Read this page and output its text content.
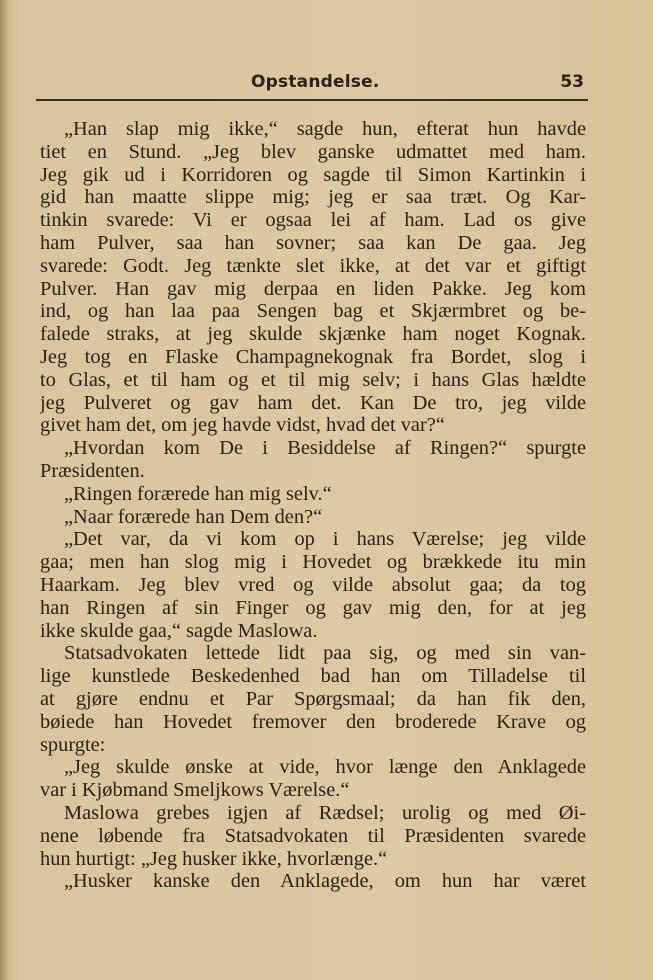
Opstandelse.	53
„Han slap mig ikke,“ sagde hun, efterat hun havde
tiet en Stund. „Jeg blev ganske udmattet med ham.
Jeg gik ud i Korridoren og sagde til Simon Kartinkin i
gid han maatte slippe mig; jeg er saa træt. Og Kar-
tinkin svarede: Vi er ogsaa lei af ham. Lad os give
ham Pulver, saa han sovner; saa kan De gaa. Jeg
svarede: Godt. Jeg tænkte slet ikke, at det var et giftigt
Pulver. Han gav mig derpaa en liden Pakke. Jeg kom
ind, og han laa paa Sengen bag et Skjærmbret og be-
falede straks, at jeg skulde skjænke ham noget Kognak.
Jeg tog en Flaske Champagnekognak fra Bordet, slog i
to Glas, et til ham og et til mig selv; i hans Glas hældte
jeg Pulveret og gav ham det. Kan De tro, jeg vilde
givet ham det, om jeg havde vidst, hvad det var?“
„Hvordan kom De i Besiddelse af Ringen?“ spurgte
Præsidenten.
„Ringen forærede han mig selv.“
„Naar forærede han Dem den?“
„Det var, da vi kom op i hans Værelse; jeg vilde
gaa; men han slog mig i Hovedet og brækkede itu min
Haarkam. Jeg blev vred og vilde absolut gaa; da tog
han Ringen af sin Finger og gav mig den, for at jeg
ikke skulde gaa,“ sagde Maslowa.
Statsadvokaten lettede lidt paa sig, og med sin van-
lige kunstlede Beskedenhed bad han om Tilladelse til
at gjøre endnu et Par Spørgsmaal; da han fik den,
bøiede han Hovedet fremover den broderede Krave og
spurgte:
„Jeg skulde ønske at vide, hvor længe den Anklagede
var i Kjøbmand Smeljkows Værelse.“
Maslowa grebes igjen af Rædsel; urolig og med Øi-
nene løbende fra Statsadvokaten til Præsidenten svarede
hun hurtigt: „Jeg husker ikke, hvorlænge.“
„Husker kanske den Anklagede, om hun har været
